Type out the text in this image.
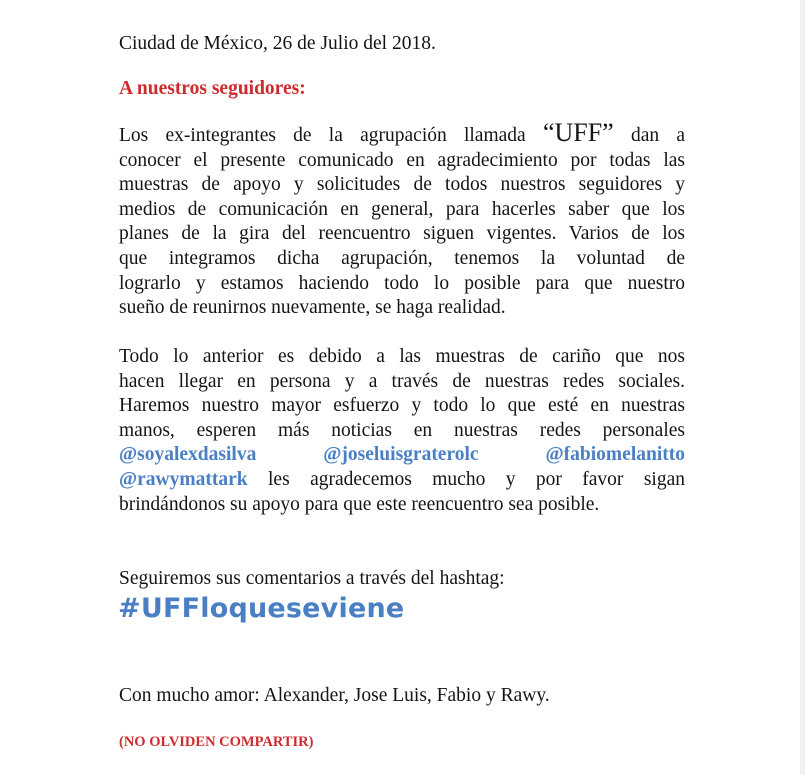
Ciudad de México, 26 de Julio del 2018.
A nuestros seguidores:
Los ex-integrantes de la agrupación llamada “UFF” dan a
conocer el presente comunicado en agradecimiento por todas las
muestras de apoyo y solicitudes de todos nuestros seguidores y
medios de comunicación en general, para hacerles saber que los
planes de la gira del reencuentro siguen vigentes. Varios de los
que integramos dicha agrupación, tenemos la voluntad de
lograrlo y estamos haciendo todo lo posible para que nuestro
sueño de reunirnos nuevamente, se haga realidad.
Todo lo anterior es debido a las muestras de cariño que nos
hacen llegar en persona y a través de nuestras redes sociales.
Haremos nuestro mayor esfuerzo y todo lo que esté en nuestras
manos, esperen más noticias en nuestras redes personales
@soyalexdasilva	@joseluisgraterolc	@fabiomelanitto
@rawymattark les agradecemos mucho y por favor sigan
brindándonos su apoyo para que este reencuentro sea posible.
Seguiremos sus comentarios a través del hashtag:
#UFFloqueseviene
Con mucho amor: Alexander, Jose Luis, Fabio y Rawy.
(NO OLVIDEN COMPARTIR)
